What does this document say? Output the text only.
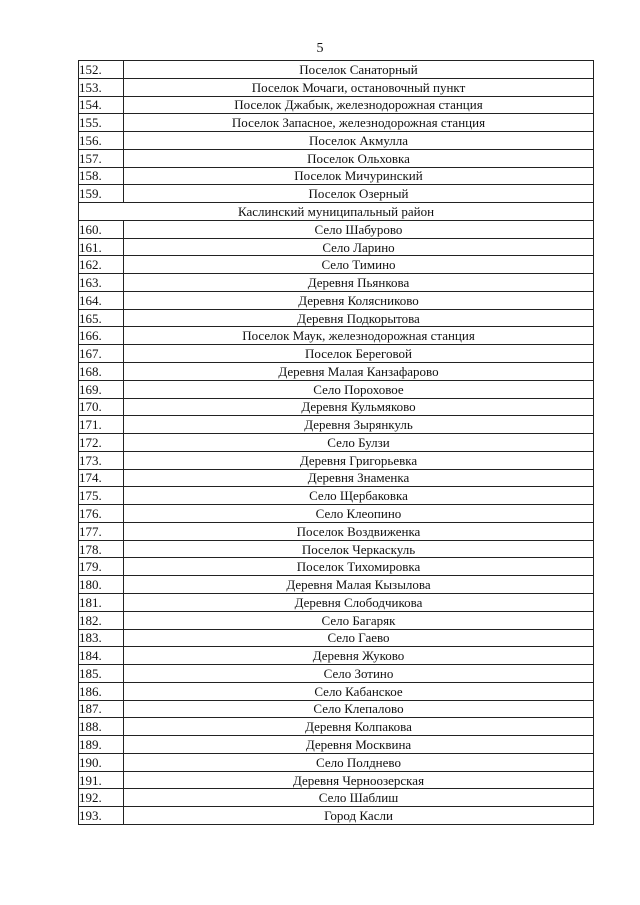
5
152.	Поселок Санаторный
153.	Поселок Мочаги, остановочный пункт
154.	Поселок Джабык, железнодорожная станция
155.	Поселок Запасное, железнодорожная станция
156.	Поселок Акмулла
157.	Поселок Ольховка
158.	Поселок Мичуринский
159.	Поселок Озерный
Каслинский муниципальный район	
160.	Село Шабурово
161.	Село Ларино
162.	Село Тимино
163.	Деревня Пьянкова
164.	Деревня Колясниково
165.	Деревня Подкорытова
166.	Поселок Маук, железнодорожная станция
167.	Поселок Береговой
168.	Деревня Малая Канзафарово
169.	Село Пороховое
170.	Деревня Кульмяково
171.	Деревня Зырянкуль
172.	Село Булзи
173.	Деревня Григорьевка
174.	Деревня Знаменка
175.	Село Щербаковка
176.	Село Клеопино
177.	Поселок Воздвиженка
178.	Поселок Черкаскуль
179.	Поселок Тихомировка
180.	Деревня Малая Кызылова
181.	Деревня Слободчикова
182.	Село Багаряк
183.	Село Гаево
184.	Деревня Жуково
185.	Село Зотино
186.	Село Кабанское
187.	Село Клепалово
188.	Деревня Колпакова
189.	Деревня Москвина
190.	Село Полднево
191.	Деревня Черноозерская
192.	Село Шаблиш
193.	Город Касли
